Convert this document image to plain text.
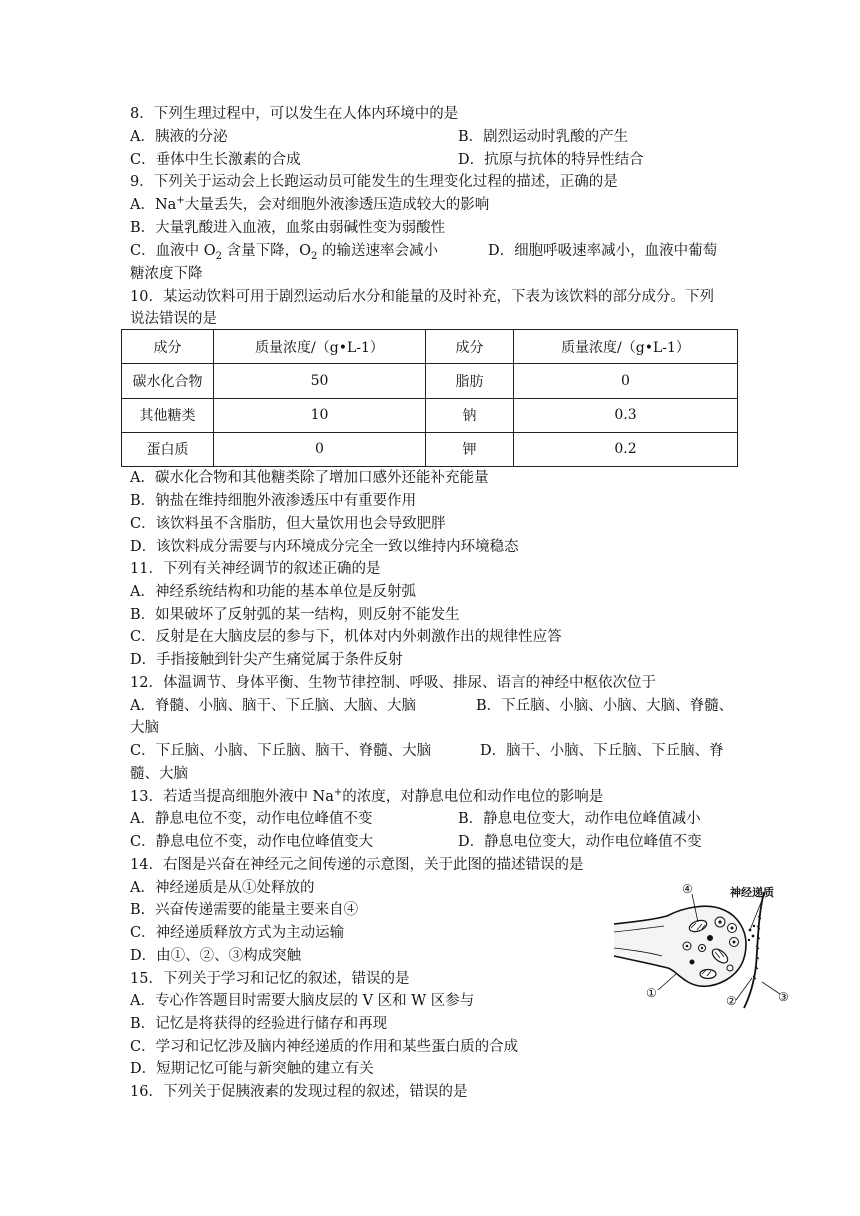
8．下列生理过程中，可以发生在人体内环境中的是
A．胰液的分泌	B．剧烈运动时乳酸的产生
C．垂体中生长激素的合成	D．抗原与抗体的特异性结合
9．下列关于运动会上长跑运动员可能发生的生理变化过程的描述，正确的是
A．Na+大量丢失，会对细胞外液渗透压造成较大的影响
B．大量乳酸进入血液，血浆由弱碱性变为弱酸性
C．血液中 $O_2$ 含量下降，$O_2$ 的输送速率会减小	D．细胞呼吸速率减小，血液中葡萄
糖浓度下降
10．某运动饮料可用于剧烈运动后水分和能量的及时补充，下表为该饮料的部分成分。下列
说法错误的是
成分	质量浓度/（g•L-1）	成分	质量浓度/（g•L-1）
碳水化合物	50	脂肪	0
其他糖类	10	钠	0.3
蛋白质	0	钾	0.2
A．碳水化合物和其他糖类除了增加口感外还能补充能量
B．钠盐在维持细胞外液渗透压中有重要作用
C．该饮料虽不含脂肪，但大量饮用也会导致肥胖
D．该饮料成分需要与内环境成分完全一致以维持内环境稳态
11．下列有关神经调节的叙述正确的是
A．神经系统结构和功能的基本单位是反射弧
B．如果破坏了反射弧的某一结构，则反射不能发生
C．反射是在大脑皮层的参与下，机体对内外刺激作出的规律性应答
D．手指接触到针尖产生痛觉属于条件反射
12．体温调节、身体平衡、生物节律控制、呼吸、排尿、语言的神经中枢依次位于
A．脊髓、小脑、脑干、下丘脑、大脑、大脑	B．下丘脑、小脑、小脑、大脑、脊髓、
大脑
C．下丘脑、小脑、下丘脑、脑干、脊髓、大脑	D．脑干、小脑、下丘脑、下丘脑、脊
髓、大脑
13．若适当提高细胞外液中 Na+的浓度，对静息电位和动作电位的影响是
A．静息电位不变，动作电位峰值不变	B．静息电位变大，动作电位峰值减小
C．静息电位不变，动作电位峰值变大	D．静息电位变大，动作电位峰值不变
14．右图是兴奋在神经元之间传递的示意图，关于此图的描述错误的是
A．神经递质是从①处释放的
B．兴奋传递需要的能量主要来自④
C．神经递质释放方式为主动运输
D．由①、②、③构成突触
神经递质
④
①
②	③
15．下列关于学习和记忆的叙述，错误的是
A．专心作答题目时需要大脑皮层的 V 区和 W 区参与
B．记忆是将获得的经验进行储存和再现
C．学习和记忆涉及脑内神经递质的作用和某些蛋白质的合成
D．短期记忆可能与新突触的建立有关
16．下列关于促胰液素的发现过程的叙述，错误的是
